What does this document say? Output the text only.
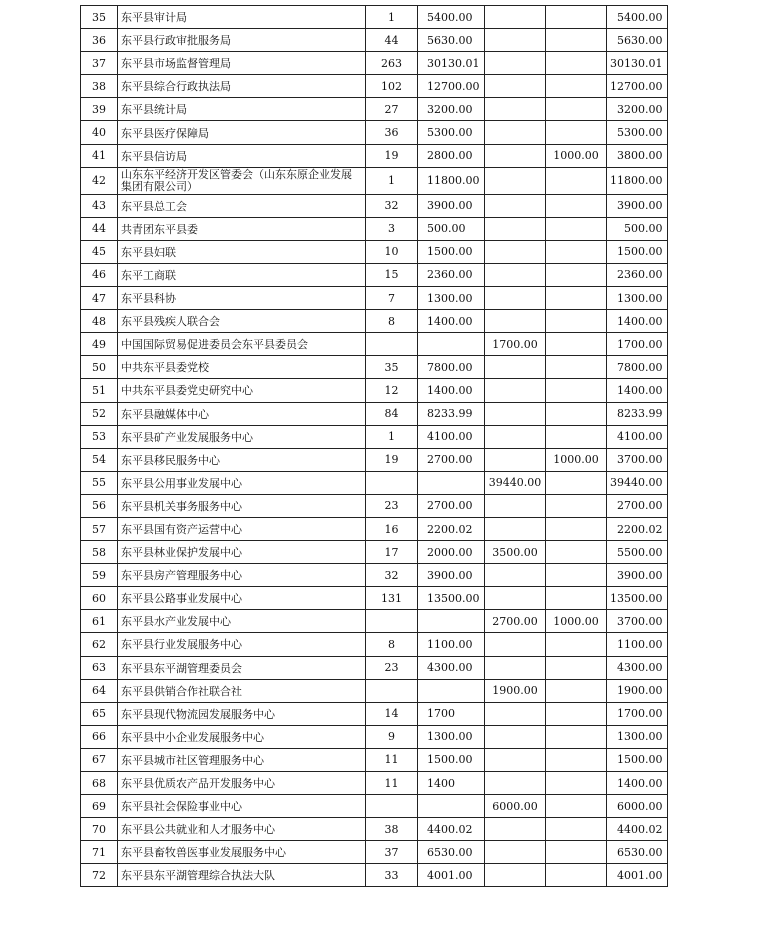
35	东平县审计局	1	5400.00			5400.00
36	东平县行政审批服务局	44	5630.00			5630.00
37	东平县市场监督管理局	263	30130.01			30130.01
38	东平县综合行政执法局	102	12700.00			12700.00
39	东平县统计局	27	3200.00			3200.00
40	东平县医疗保障局	36	5300.00			5300.00
41	东平县信访局	19	2800.00		1000.00	3800.00
42	山东东平经济开发区管委会（山东东原企业发展集团有限公司）	1	11800.00			11800.00
43	东平县总工会	32	3900.00			3900.00
44	共青团东平县委	3	500.00			500.00
45	东平县妇联	10	1500.00			1500.00
46	东平工商联	15	2360.00			2360.00
47	东平县科协	7	1300.00			1300.00
48	东平县残疾人联合会	8	1400.00			1400.00
49	中国国际贸易促进委员会东平县委员会			1700.00		1700.00
50	中共东平县委党校	35	7800.00			7800.00
51	中共东平县委党史研究中心	12	1400.00			1400.00
52	东平县融媒体中心	84	8233.99			8233.99
53	东平县矿产业发展服务中心	1	4100.00			4100.00
54	东平县移民服务中心	19	2700.00		1000.00	3700.00
55	东平县公用事业发展中心			39440.00		39440.00
56	东平县机关事务服务中心	23	2700.00			2700.00
57	东平县国有资产运营中心	16	2200.02			2200.02
58	东平县林业保护发展中心	17	2000.00	3500.00		5500.00
59	东平县房产管理服务中心	32	3900.00			3900.00
60	东平县公路事业发展中心	131	13500.00			13500.00
61	东平县水产业发展中心			2700.00	1000.00	3700.00
62	东平县行业发展服务中心	8	1100.00			1100.00
63	东平县东平湖管理委员会	23	4300.00			4300.00
64	东平县供销合作社联合社			1900.00		1900.00
65	东平县现代物流园发展服务中心	14	1700			1700.00
66	东平县中小企业发展服务中心	9	1300.00			1300.00
67	东平县城市社区管理服务中心	11	1500.00			1500.00
68	东平县优质农产品开发服务中心	11	1400			1400.00
69	东平县社会保险事业中心			6000.00		6000.00
70	东平县公共就业和人才服务中心	38	4400.02			4400.02
71	东平县畜牧兽医事业发展服务中心	37	6530.00			6530.00
72	东平县东平湖管理综合执法大队	33	4001.00			4001.00
